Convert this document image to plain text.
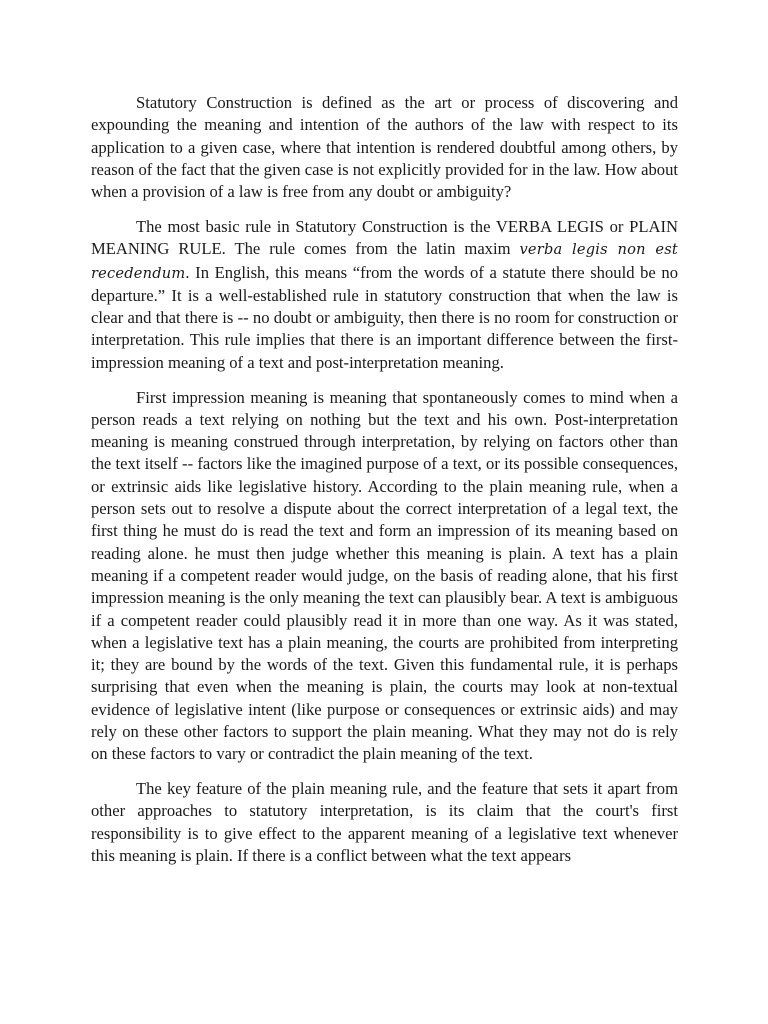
Statutory Construction is defined as the art or process of discovering and expounding the meaning and intention of the authors of the law with respect to its application to a given case, where that intention is rendered doubtful among others, by reason of the fact that the given case is not explicitly provided for in the law. How about when a provision of a law is free from any doubt or ambiguity?

The most basic rule in Statutory Construction is the VERBA LEGIS or PLAIN MEANING RULE. The rule comes from the latin maxim verba legis non est recedendum. In English, this means “from the words of a statute there should be no departure.” It is a well-established rule in statutory construction that when the law is clear and that there is -- no doubt or ambiguity, then there is no room for construction or interpretation. This rule implies that there is an important difference between the first-impression meaning of a text and post-interpretation meaning.

First impression meaning is meaning that spontaneously comes to mind when a person reads a text relying on nothing but the text and his own. Post-interpretation meaning is meaning construed through interpretation, by relying on factors other than the text itself -- factors like the imagined purpose of a text, or its possible consequences, or extrinsic aids like legislative history. According to the plain meaning rule, when a person sets out to resolve a dispute about the correct interpretation of a legal text, the first thing he must do is read the text and form an impression of its meaning based on reading alone. he must then judge whether this meaning is plain. A text has a plain meaning if a competent reader would judge, on the basis of reading alone, that his first impression meaning is the only meaning the text can plausibly bear. A text is ambiguous if a competent reader could plausibly read it in more than one way. As it was stated, when a legislative text has a plain meaning, the courts are prohibited from interpreting it; they are bound by the words of the text. Given this fundamental rule, it is perhaps surprising that even when the meaning is plain, the courts may look at non-textual evidence of legislative intent (like purpose or consequences or extrinsic aids) and may rely on these other factors to support the plain meaning. What they may not do is rely on these factors to vary or contradict the plain meaning of the text.

The key feature of the plain meaning rule, and the feature that sets it apart from other approaches to statutory interpretation, is its claim that the court's first responsibility is to give effect to the apparent meaning of a legislative text whenever this meaning is plain. If there is a conflict between what the text appears
